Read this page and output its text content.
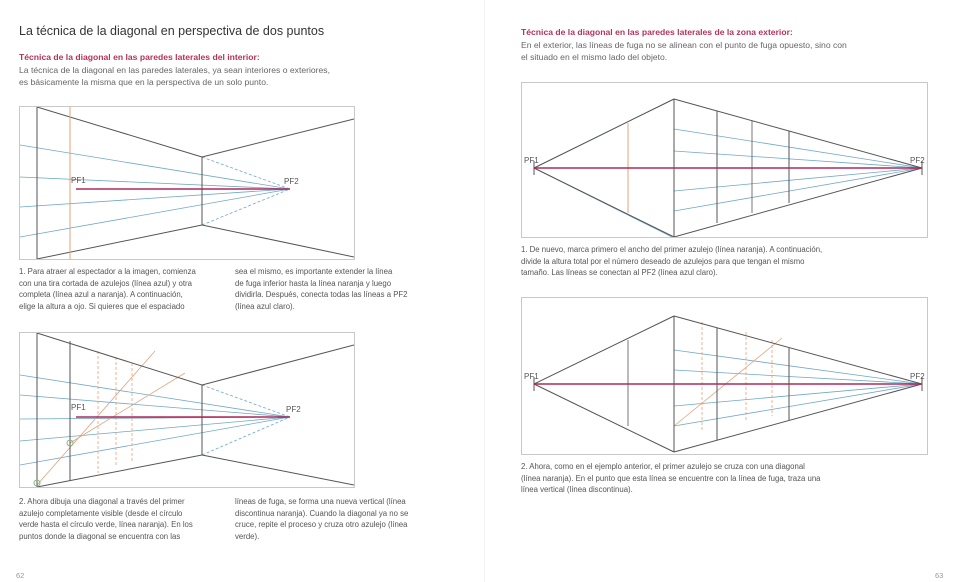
La técnica de la diagonal en perspectiva de dos puntos

Técnica de la diagonal en las paredes laterales del interior:

La técnica de la diagonal en las paredes laterales, ya sean interiores o exteriores,

es básicamente la misma que en la perspectiva de un solo punto.

PF1	PF2
1. Para atraer al espectador a la imagen, comienza
con una tira cortada de azulejos (línea azul) y otra
completa (línea azul a naranja). A continuación,
elige la altura a ojo. Si quieres que el espaciado
sea el mismo, es importante extender la línea
de fuga inferior hasta la línea naranja y luego
dividirla. Después, conecta todas las líneas a PF2
(línea azul claro).
PF1	PF2
2. Ahora dibuja una diagonal a través del primer
azulejo completamente visible (desde el círculo
verde hasta el círculo verde, línea naranja). En los
puntos donde la diagonal se encuentra con las
líneas de fuga, se forma una nueva vertical (línea
discontinua naranja). Cuando la diagonal ya no se
cruce, repite el proceso y cruza otro azulejo (línea
verde).
62

Técnica de la diagonal en las paredes laterales de la zona exterior:

En el exterior, las líneas de fuga no se alinean con el punto de fuga opuesto, sino con

el situado en el mismo lado del objeto.

PF1	PF2
1. De nuevo, marca primero el ancho del primer azulejo (línea naranja). A continuación,
divide la altura total por el número deseado de azulejos para que tengan el mismo
tamaño. Las líneas se conectan al PF2 (línea azul claro).
PF1	PF2
2. Ahora, como en el ejemplo anterior, el primer azulejo se cruza con una diagonal
(línea naranja). En el punto que esta línea se encuentre con la línea de fuga, traza una
línea vertical (línea discontinua).
63
